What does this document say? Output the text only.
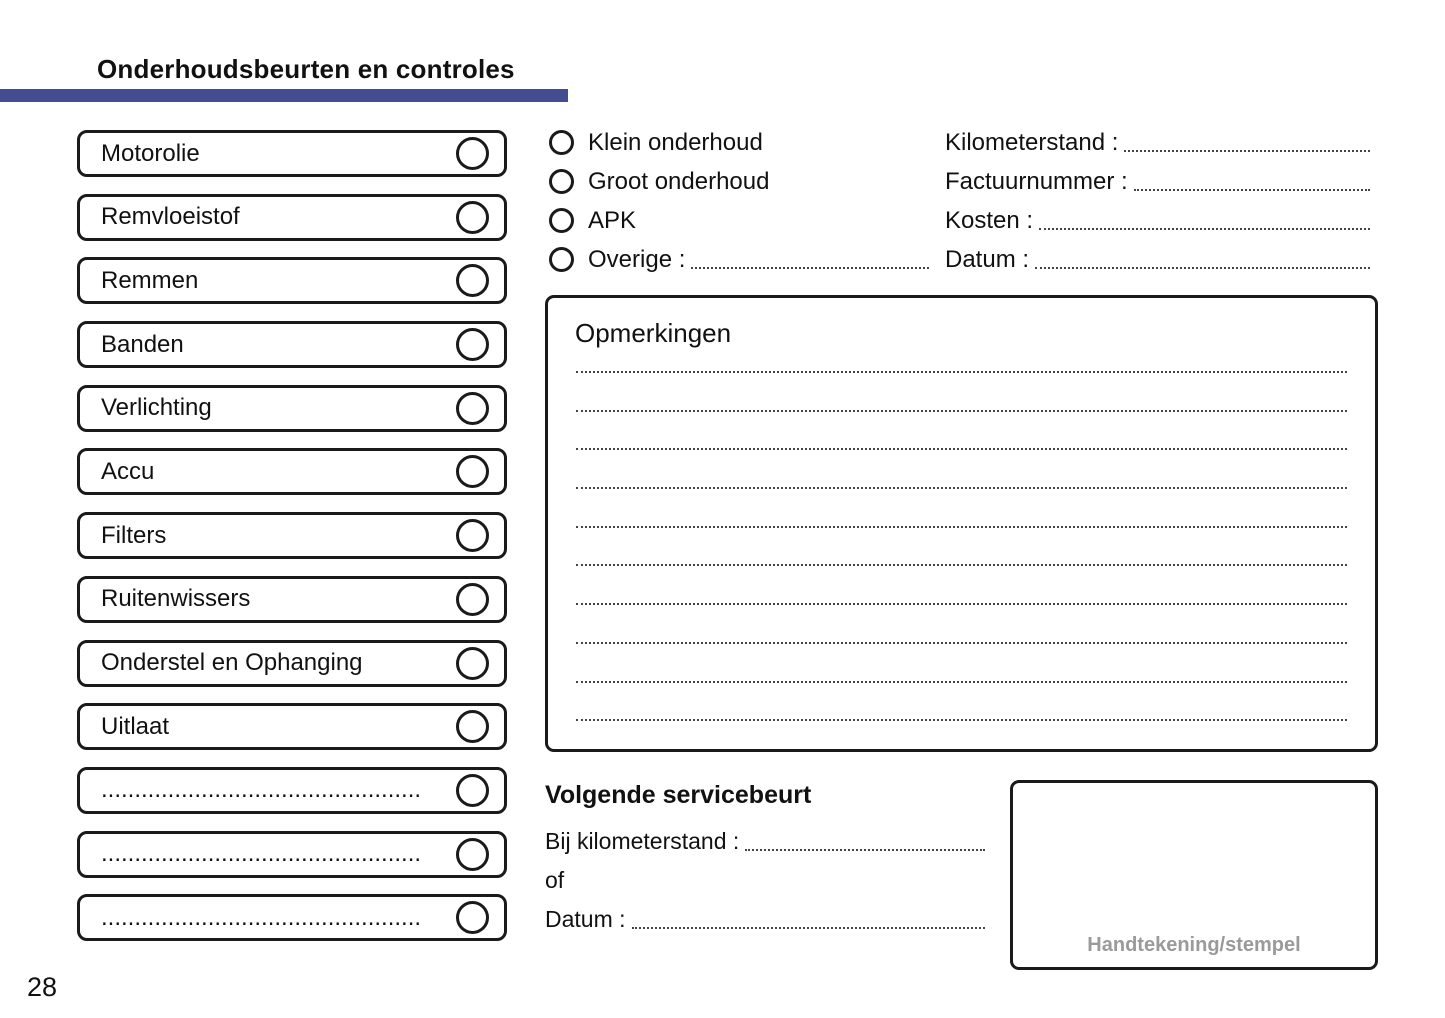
Onderhoudsbeurten en controles
Motorolie
Remvloeistof
Remmen
Banden
Verlichting
Accu
Filters
Ruitenwissers
Onderstel en Ophanging
Uitlaat
................................................
................................................
................................................
Klein onderhoud
Groot onderhoud
APK
Overige :
Kilometerstand :
Factuurnummer :
Kosten :
Datum :
Opmerkingen
Volgende servicebeurt
Bij kilometerstand :
of
Datum :
Handtekening/stempel
28
